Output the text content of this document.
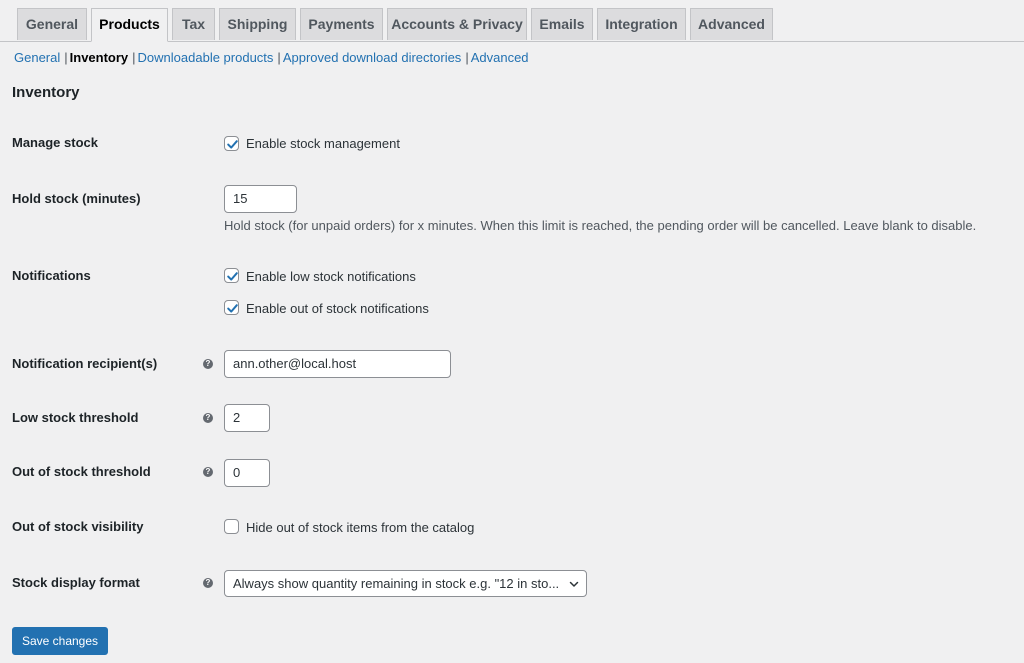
General	Products	Tax	Shipping	Payments	Accounts & Privacy	Emails	Integration	Advanced
General | Inventory | Downloadable products | Approved download directories | Advanced
Inventory
Manage stock	Enable stock management
Hold stock (minutes)	15
Hold stock (for unpaid orders) for x minutes. When this limit is reached, the pending order will be cancelled. Leave blank to disable.
Notifications	Enable low stock notifications
Enable out of stock notifications
Notification recipient(s)	?	ann.other@local.host
Low stock threshold	?	2
Out of stock threshold	?	0
Out of stock visibility	Hide out of stock items from the catalog
Stock display format	?	Always show quantity remaining in stock e.g. "12 in sto...
Save changes
